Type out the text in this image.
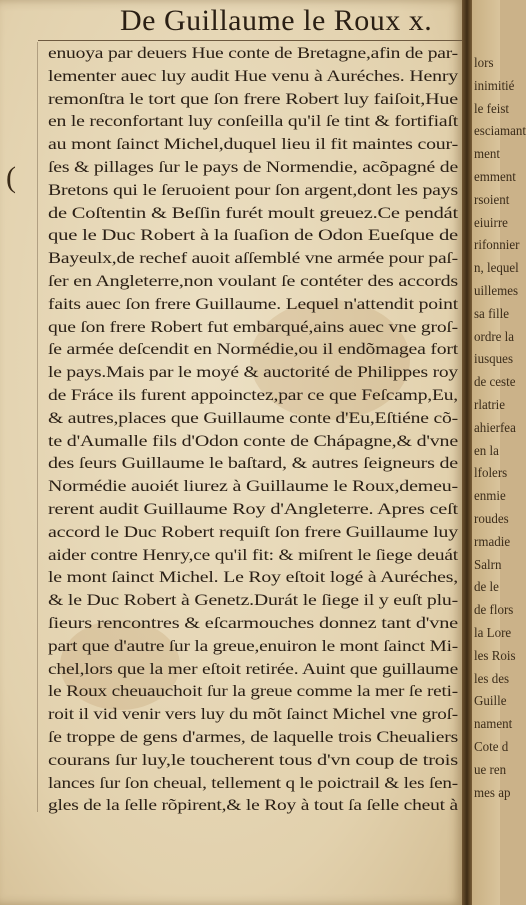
De Guillaume le Roux x.
(
enuoya par deuers Hue conte de Bretagne,afin de par-
lementer auec luy audit Hue venu à Auréches. Henry
remonſtra le tort que ſon frere Robert luy faiſoit,Hue
en le reconfortant luy conſeilla qu'il ſe tint & fortifiaſt
au mont ſainct Michel,duquel lieu il fit maintes cour-
ſes & pillages ſur le pays de Normendie, acõpagné de
Bretons qui le ſeruoient pour ſon argent,dont les pays
de Coſtentin & Beſſin furét moult greuez.Ce pendát
que le Duc Robert à la ſuaſion de Odon Eueſque de
Bayeulx,de rechef auoit aſſemblé vne armée pour paſ-
ſer en Angleterre,non voulant ſe contéter des accords
faits auec ſon frere Guillaume. Lequel n'attendit point
que ſon frere Robert fut embarqué,ains auec vne groſ-
ſe armée deſcendit en Normédie,ou il endõmagea fort
le pays.Mais par le moyé & auctorité de Philippes roy
de Fráce ils furent appoinctez,par ce que Feſcamp,Eu,
& autres,places que Guillaume conte d'Eu,Eſtiéne cõ-
te d'Aumalle fils d'Odon conte de Chápagne,& d'vne
des ſeurs Guillaume le baſtard, & autres ſeigneurs de
Normédie auoiét liurez à Guillaume le Roux,demeu-
rerent audit Guillaume Roy d'Angleterre. Apres ceſt
accord le Duc Robert requiſt ſon frere Guillaume luy
aider contre Henry,ce qu'il fit: & miſrent le ſiege deuát
le mont ſainct Michel. Le Roy eſtoit logé à Auréches,
& le Duc Robert à Genetz.Durát le ſiege il y euſt plu-
ſieurs rencontres & eſcarmouches donnez tant d'vne
part que d'autre ſur la greue,enuiron le mont ſainct Mi-
chel,lors que la mer eſtoit retirée. Auint que guillaume
le Roux cheuauchoit ſur la greue comme la mer ſe reti-
roit il vid venir vers luy du mõt ſainct Michel vne groſ-
ſe troppe de gens d'armes, de laquelle trois Cheualiers
courans ſur luy,le toucherent tous d'vn coup de trois
lances ſur ſon cheual, tellement q le poictrail & les ſen-
gles de la ſelle rõpirent,& le Roy à tout ſa ſelle cheut à
lors
inimitié
le feist
esciamant
ment
emment
rsoient
eiuirre
rifonnier
n, lequel
uillemes
sa fille
ordre la
iusques
de ceste
rlatrie
ahierfea
en la
lfolers
enmie
roudes
rmadie
Salrn
de le
de flors
la Lore
les Rois
les des
Guille
nament
Cote d
ue ren
mes ap
